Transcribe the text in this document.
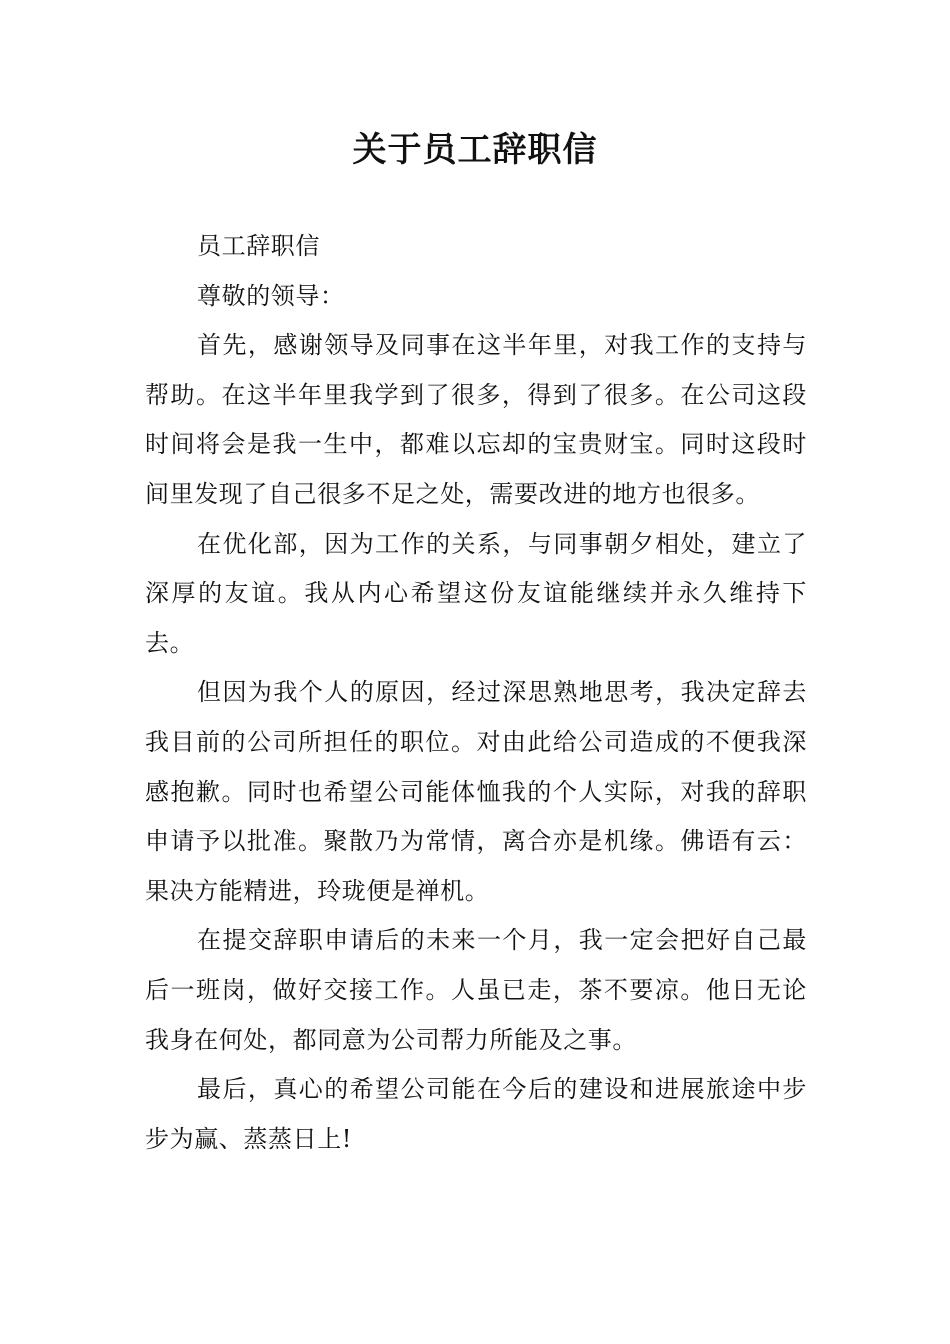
关于员工辞职信

员工辞职信

尊敬的领导：

首先，感谢领导及同事在这半年里，对我工作的支持与帮助。在这半年里我学到了很多，得到了很多。在公司这段时间将会是我一生中，都难以忘却的宝贵财宝。同时这段时间里发现了自己很多不足之处，需要改进的地方也很多。

在优化部，因为工作的关系，与同事朝夕相处，建立了深厚的友谊。我从内心希望这份友谊能继续并永久维持下去。

但因为我个人的原因，经过深思熟地思考，我决定辞去我目前的公司所担任的职位。对由此给公司造成的不便我深感抱歉。同时也希望公司能体恤我的个人实际，对我的辞职申请予以批准。聚散乃为常情，离合亦是机缘。佛语有云：果决方能精进，玲珑便是禅机。

在提交辞职申请后的未来一个月，我一定会把好自己最后一班岗，做好交接工作。人虽已走，茶不要凉。他日无论我身在何处，都同意为公司帮力所能及之事。

最后，真心的希望公司能在今后的建设和进展旅途中步步为赢、蒸蒸日上!
